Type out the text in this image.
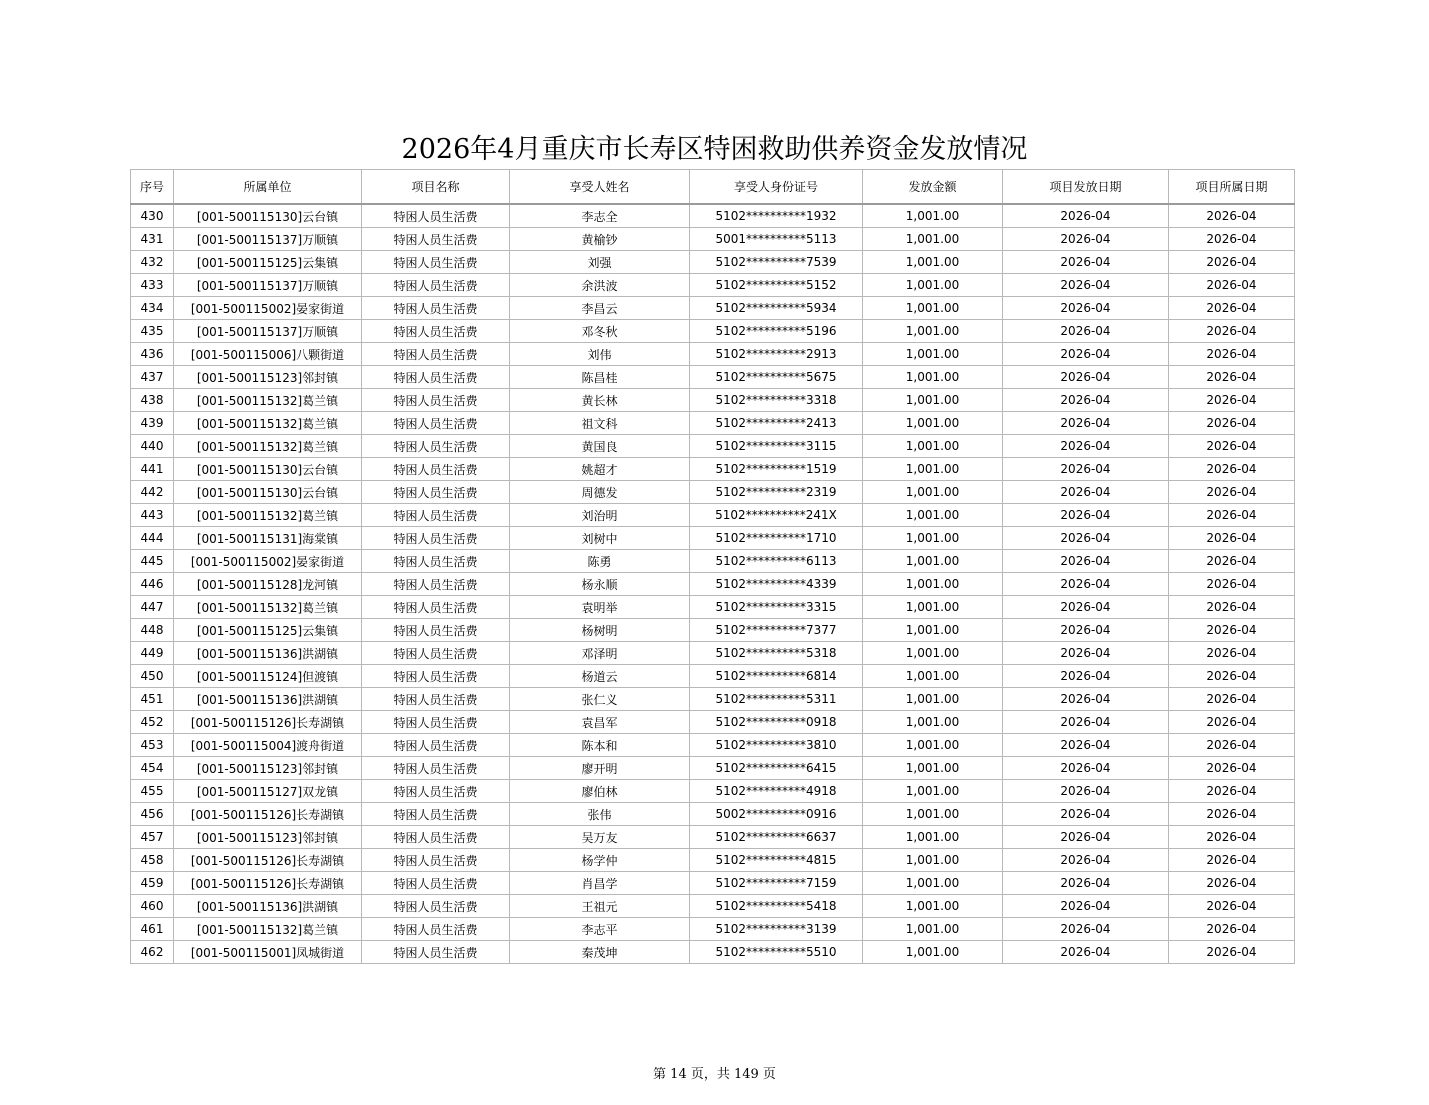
2026年4月重庆市长寿区特困救助供养资金发放情况
序号	所属单位	项目名称	享受人姓名	享受人身份证号	发放金额	项目发放日期	项目所属日期
430	[001-500115130]云台镇	特困人员生活费	李志全	5102**********1932	1,001.00	2026-04	2026-04
431	[001-500115137]万顺镇	特困人员生活费	黄榆钞	5001**********5113	1,001.00	2026-04	2026-04
432	[001-500115125]云集镇	特困人员生活费	刘强	5102**********7539	1,001.00	2026-04	2026-04
433	[001-500115137]万顺镇	特困人员生活费	余洪波	5102**********5152	1,001.00	2026-04	2026-04
434	[001-500115002]晏家街道	特困人员生活费	李昌云	5102**********5934	1,001.00	2026-04	2026-04
435	[001-500115137]万顺镇	特困人员生活费	邓冬秋	5102**********5196	1,001.00	2026-04	2026-04
436	[001-500115006]八颗街道	特困人员生活费	刘伟	5102**********2913	1,001.00	2026-04	2026-04
437	[001-500115123]邻封镇	特困人员生活费	陈昌桂	5102**********5675	1,001.00	2026-04	2026-04
438	[001-500115132]葛兰镇	特困人员生活费	黄长林	5102**********3318	1,001.00	2026-04	2026-04
439	[001-500115132]葛兰镇	特困人员生活费	祖文科	5102**********2413	1,001.00	2026-04	2026-04
440	[001-500115132]葛兰镇	特困人员生活费	黄国良	5102**********3115	1,001.00	2026-04	2026-04
441	[001-500115130]云台镇	特困人员生活费	姚超才	5102**********1519	1,001.00	2026-04	2026-04
442	[001-500115130]云台镇	特困人员生活费	周德发	5102**********2319	1,001.00	2026-04	2026-04
443	[001-500115132]葛兰镇	特困人员生活费	刘治明	5102**********241X	1,001.00	2026-04	2026-04
444	[001-500115131]海棠镇	特困人员生活费	刘树中	5102**********1710	1,001.00	2026-04	2026-04
445	[001-500115002]晏家街道	特困人员生活费	陈勇	5102**********6113	1,001.00	2026-04	2026-04
446	[001-500115128]龙河镇	特困人员生活费	杨永顺	5102**********4339	1,001.00	2026-04	2026-04
447	[001-500115132]葛兰镇	特困人员生活费	袁明举	5102**********3315	1,001.00	2026-04	2026-04
448	[001-500115125]云集镇	特困人员生活费	杨树明	5102**********7377	1,001.00	2026-04	2026-04
449	[001-500115136]洪湖镇	特困人员生活费	邓泽明	5102**********5318	1,001.00	2026-04	2026-04
450	[001-500115124]但渡镇	特困人员生活费	杨道云	5102**********6814	1,001.00	2026-04	2026-04
451	[001-500115136]洪湖镇	特困人员生活费	张仁义	5102**********5311	1,001.00	2026-04	2026-04
452	[001-500115126]长寿湖镇	特困人员生活费	袁昌军	5102**********0918	1,001.00	2026-04	2026-04
453	[001-500115004]渡舟街道	特困人员生活费	陈本和	5102**********3810	1,001.00	2026-04	2026-04
454	[001-500115123]邻封镇	特困人员生活费	廖开明	5102**********6415	1,001.00	2026-04	2026-04
455	[001-500115127]双龙镇	特困人员生活费	廖伯林	5102**********4918	1,001.00	2026-04	2026-04
456	[001-500115126]长寿湖镇	特困人员生活费	张伟	5002**********0916	1,001.00	2026-04	2026-04
457	[001-500115123]邻封镇	特困人员生活费	吴万友	5102**********6637	1,001.00	2026-04	2026-04
458	[001-500115126]长寿湖镇	特困人员生活费	杨学仲	5102**********4815	1,001.00	2026-04	2026-04
459	[001-500115126]长寿湖镇	特困人员生活费	肖昌学	5102**********7159	1,001.00	2026-04	2026-04
460	[001-500115136]洪湖镇	特困人员生活费	王祖元	5102**********5418	1,001.00	2026-04	2026-04
461	[001-500115132]葛兰镇	特困人员生活费	李志平	5102**********3139	1,001.00	2026-04	2026-04
462	[001-500115001]凤城街道	特困人员生活费	秦茂坤	5102**********5510	1,001.00	2026-04	2026-04
第 14 页，共 149 页
